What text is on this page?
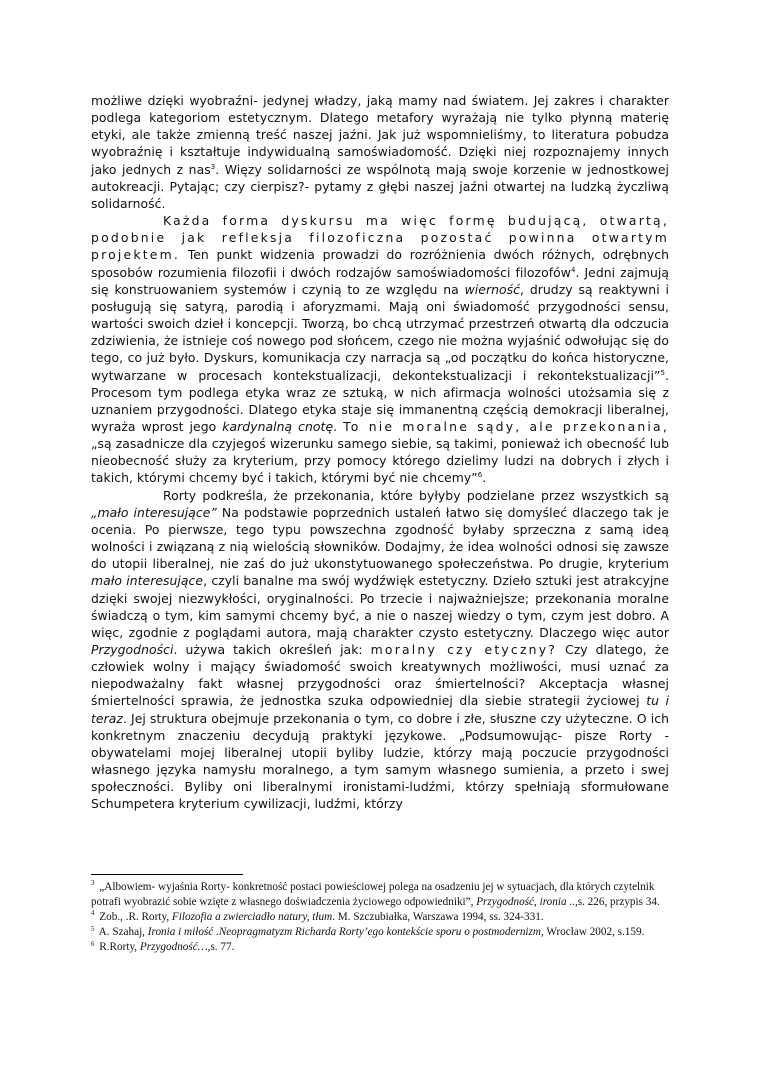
możliwe dzięki wyobraźni- jedynej władzy, jaką mamy nad światem. Jej zakres i charakter podlega kategoriom estetycznym. Dlatego metafory wyrażają nie tylko płynną materię etyki, ale także zmienną treść naszej jaźni. Jak już wspomnieliśmy, to literatura pobudza wyobraźnię i kształtuje indywidualną samoświadomość. Dzięki niej rozpoznajemy innych jako jednych z nas$^3$. Więzy solidarności ze wspólnotą mają swoje korzenie w jednostkowej autokreacji. Pytając; czy cierpisz?- pytamy z głębi naszej jaźni otwartej na ludzką życzliwą solidarność.

Każda forma dyskursu ma więc formę budującą, otwartą, podobnie jak refleksja filozoficzna pozostać powinna otwartym projektem. Ten punkt widzenia prowadzi do rozróżnienia dwóch różnych, odrębnych sposobów rozumienia filozofii i dwóch rodzajów samoświadomości filozofów$^4$. Jedni zajmują się konstruowaniem systemów i czynią to ze względu na wierność, drudzy są reaktywni i posługują się satyrą, parodią i aforyzmami. Mają oni świadomość przygodności sensu, wartości swoich dzieł i koncepcji. Tworzą, bo chcą utrzymać przestrzeń otwartą dla odczucia zdziwienia, że istnieje coś nowego pod słońcem, czego nie można wyjaśnić odwołując się do tego, co już było. Dyskurs, komunikacja czy narracja są „od początku do końca historyczne, wytwarzane w procesach kontekstualizacji, dekontekstualizacji i rekontekstualizacji”$^5$. Procesom tym podlega etyka wraz ze sztuką, w nich afirmacja wolności utożsamia się z uznaniem przygodności. Dlatego etyka staje się immanentną częścią demokracji liberalnej, wyraża wprost jego kardynalną cnotę. To nie moralne sądy, ale przekonania, „są zasadnicze dla czyjegoś wizerunku samego siebie, są takimi, ponieważ ich obecność lub nieobecność służy za kryterium, przy pomocy którego dzielimy ludzi na dobrych i złych i takich, którymi chcemy być i takich, którymi być nie chcemy”$^6$.

Rorty podkreśla, że przekonania, które byłyby podzielane przez wszystkich są „mało interesujące” Na podstawie poprzednich ustaleń łatwo się domyśleć dlaczego tak je ocenia. Po pierwsze, tego typu powszechna zgodność byłaby sprzeczna z samą ideą wolności i związaną z nią wielością słowników. Dodajmy, że idea wolności odnosi się zawsze do utopii liberalnej, nie zaś do już ukonstytuowanego społeczeństwa. Po drugie, kryterium mało interesujące, czyli banalne ma swój wydźwięk estetyczny. Dzieło sztuki jest atrakcyjne dzięki swojej niezwykłości, oryginalności. Po trzecie i najważniejsze; przekonania moralne świadczą o tym, kim samymi chcemy być, a nie o naszej wiedzy o tym, czym jest dobro. A więc, zgodnie z poglądami autora, mają charakter czysto estetyczny. Dlaczego więc autor Przygodności. używa takich określeń jak: moralny czy etyczny? Czy dlatego, że człowiek wolny i mający świadomość swoich kreatywnych możliwości, musi uznać za niepodważalny fakt własnej przygodności oraz śmiertelności? Akceptacja własnej śmiertelności sprawia, że jednostka szuka odpowiedniej dla siebie strategii życiowej tu i teraz. Jej struktura obejmuje przekonania o tym, co dobre i złe, słuszne czy użyteczne. O ich konkretnym znaczeniu decydują praktyki językowe. „Podsumowując- pisze Rorty -obywatelami mojej liberalnej utopii byliby ludzie, którzy mają poczucie przygodności własnego języka namysłu moralnego, a tym samym własnego sumienia, a przeto i swej społeczności. Byliby oni liberalnymi ironistami-ludźmi, którzy spełniają sformułowane Schumpetera kryterium cywilizacji, ludźmi, którzy

$^3$ „Albowiem- wyjaśnia Rorty- konkretność postaci powieściowej polega na osadzeniu jej w sytuacjach, dla których czytelnik potrafi wyobrazić sobie wzięte z własnego doświadczenia życiowego odpowiedniki”, Przygodność, ironia ..,s. 226, przypis 34.

$^4$ Zob., .R. Rorty, Filozofia a zwierciadło natury, tłum. M. Szczubiałka, Warszawa 1994, ss. 324-331.

$^5$ A. Szahaj, Ironia i miłość .Neopragmatyzm Richarda Rorty’ego kontekście sporu o postmodernizm, Wrocław 2002, s.159.

$^6$ R.Rorty, Przygodność…,s. 77.
